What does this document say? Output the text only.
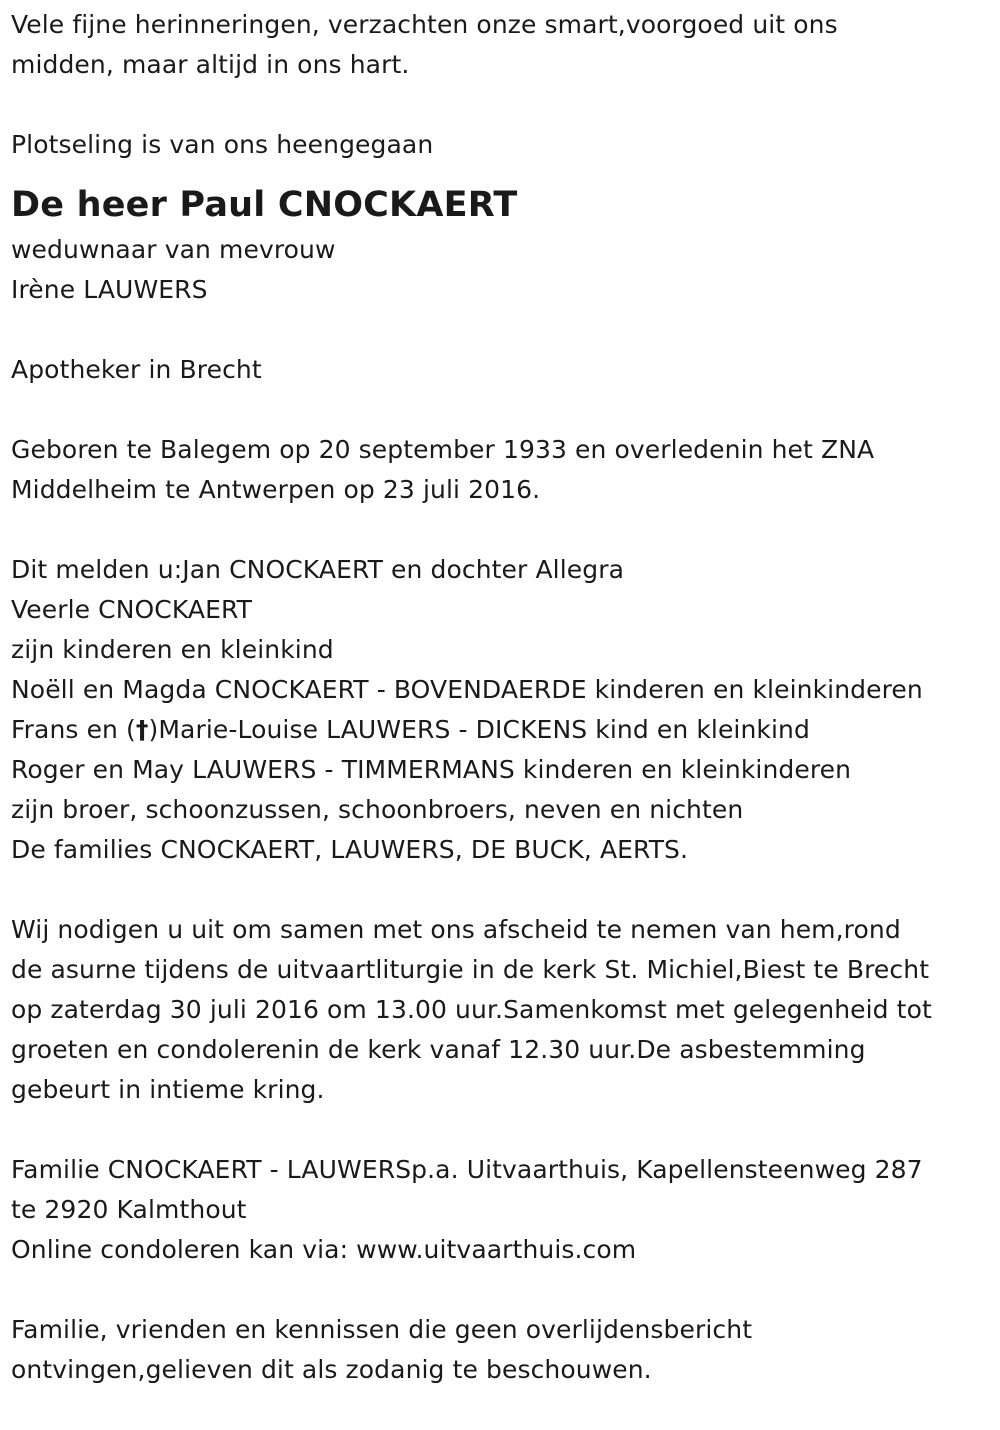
Vele fijne herinneringen, verzachten onze smart,voorgoed uit ons
midden, maar altijd in ons hart.
Plotseling is van ons heengegaan
De heer Paul CNOCKAERT
weduwnaar van mevrouw
Irène LAUWERS
Apotheker in Brecht
Geboren te Balegem op 20 september 1933 en overledenin het ZNA
Middelheim te Antwerpen op 23 juli 2016.
Dit melden u:Jan CNOCKAERT en dochter Allegra
Veerle CNOCKAERT
zijn kinderen en kleinkind
Noëll en Magda CNOCKAERT - BOVENDAERDE kinderen en kleinkinderen
Frans en (†)Marie-Louise LAUWERS - DICKENS kind en kleinkind
Roger en May LAUWERS - TIMMERMANS kinderen en kleinkinderen
zijn broer, schoonzussen, schoonbroers, neven en nichten
De families CNOCKAERT, LAUWERS, DE BUCK, AERTS.
Wij nodigen u uit om samen met ons afscheid te nemen van hem,rond
de asurne tijdens de uitvaartliturgie in de kerk St. Michiel,Biest te Brecht
op zaterdag 30 juli 2016 om 13.00 uur.Samenkomst met gelegenheid tot
groeten en condolerenin de kerk vanaf 12.30 uur.De asbestemming
gebeurt in intieme kring.
Familie CNOCKAERT - LAUWERSp.a. Uitvaarthuis, Kapellensteenweg 287
te 2920 Kalmthout
Online condoleren kan via: www.uitvaarthuis.com
Familie, vrienden en kennissen die geen overlijdensbericht
ontvingen,gelieven dit als zodanig te beschouwen.
